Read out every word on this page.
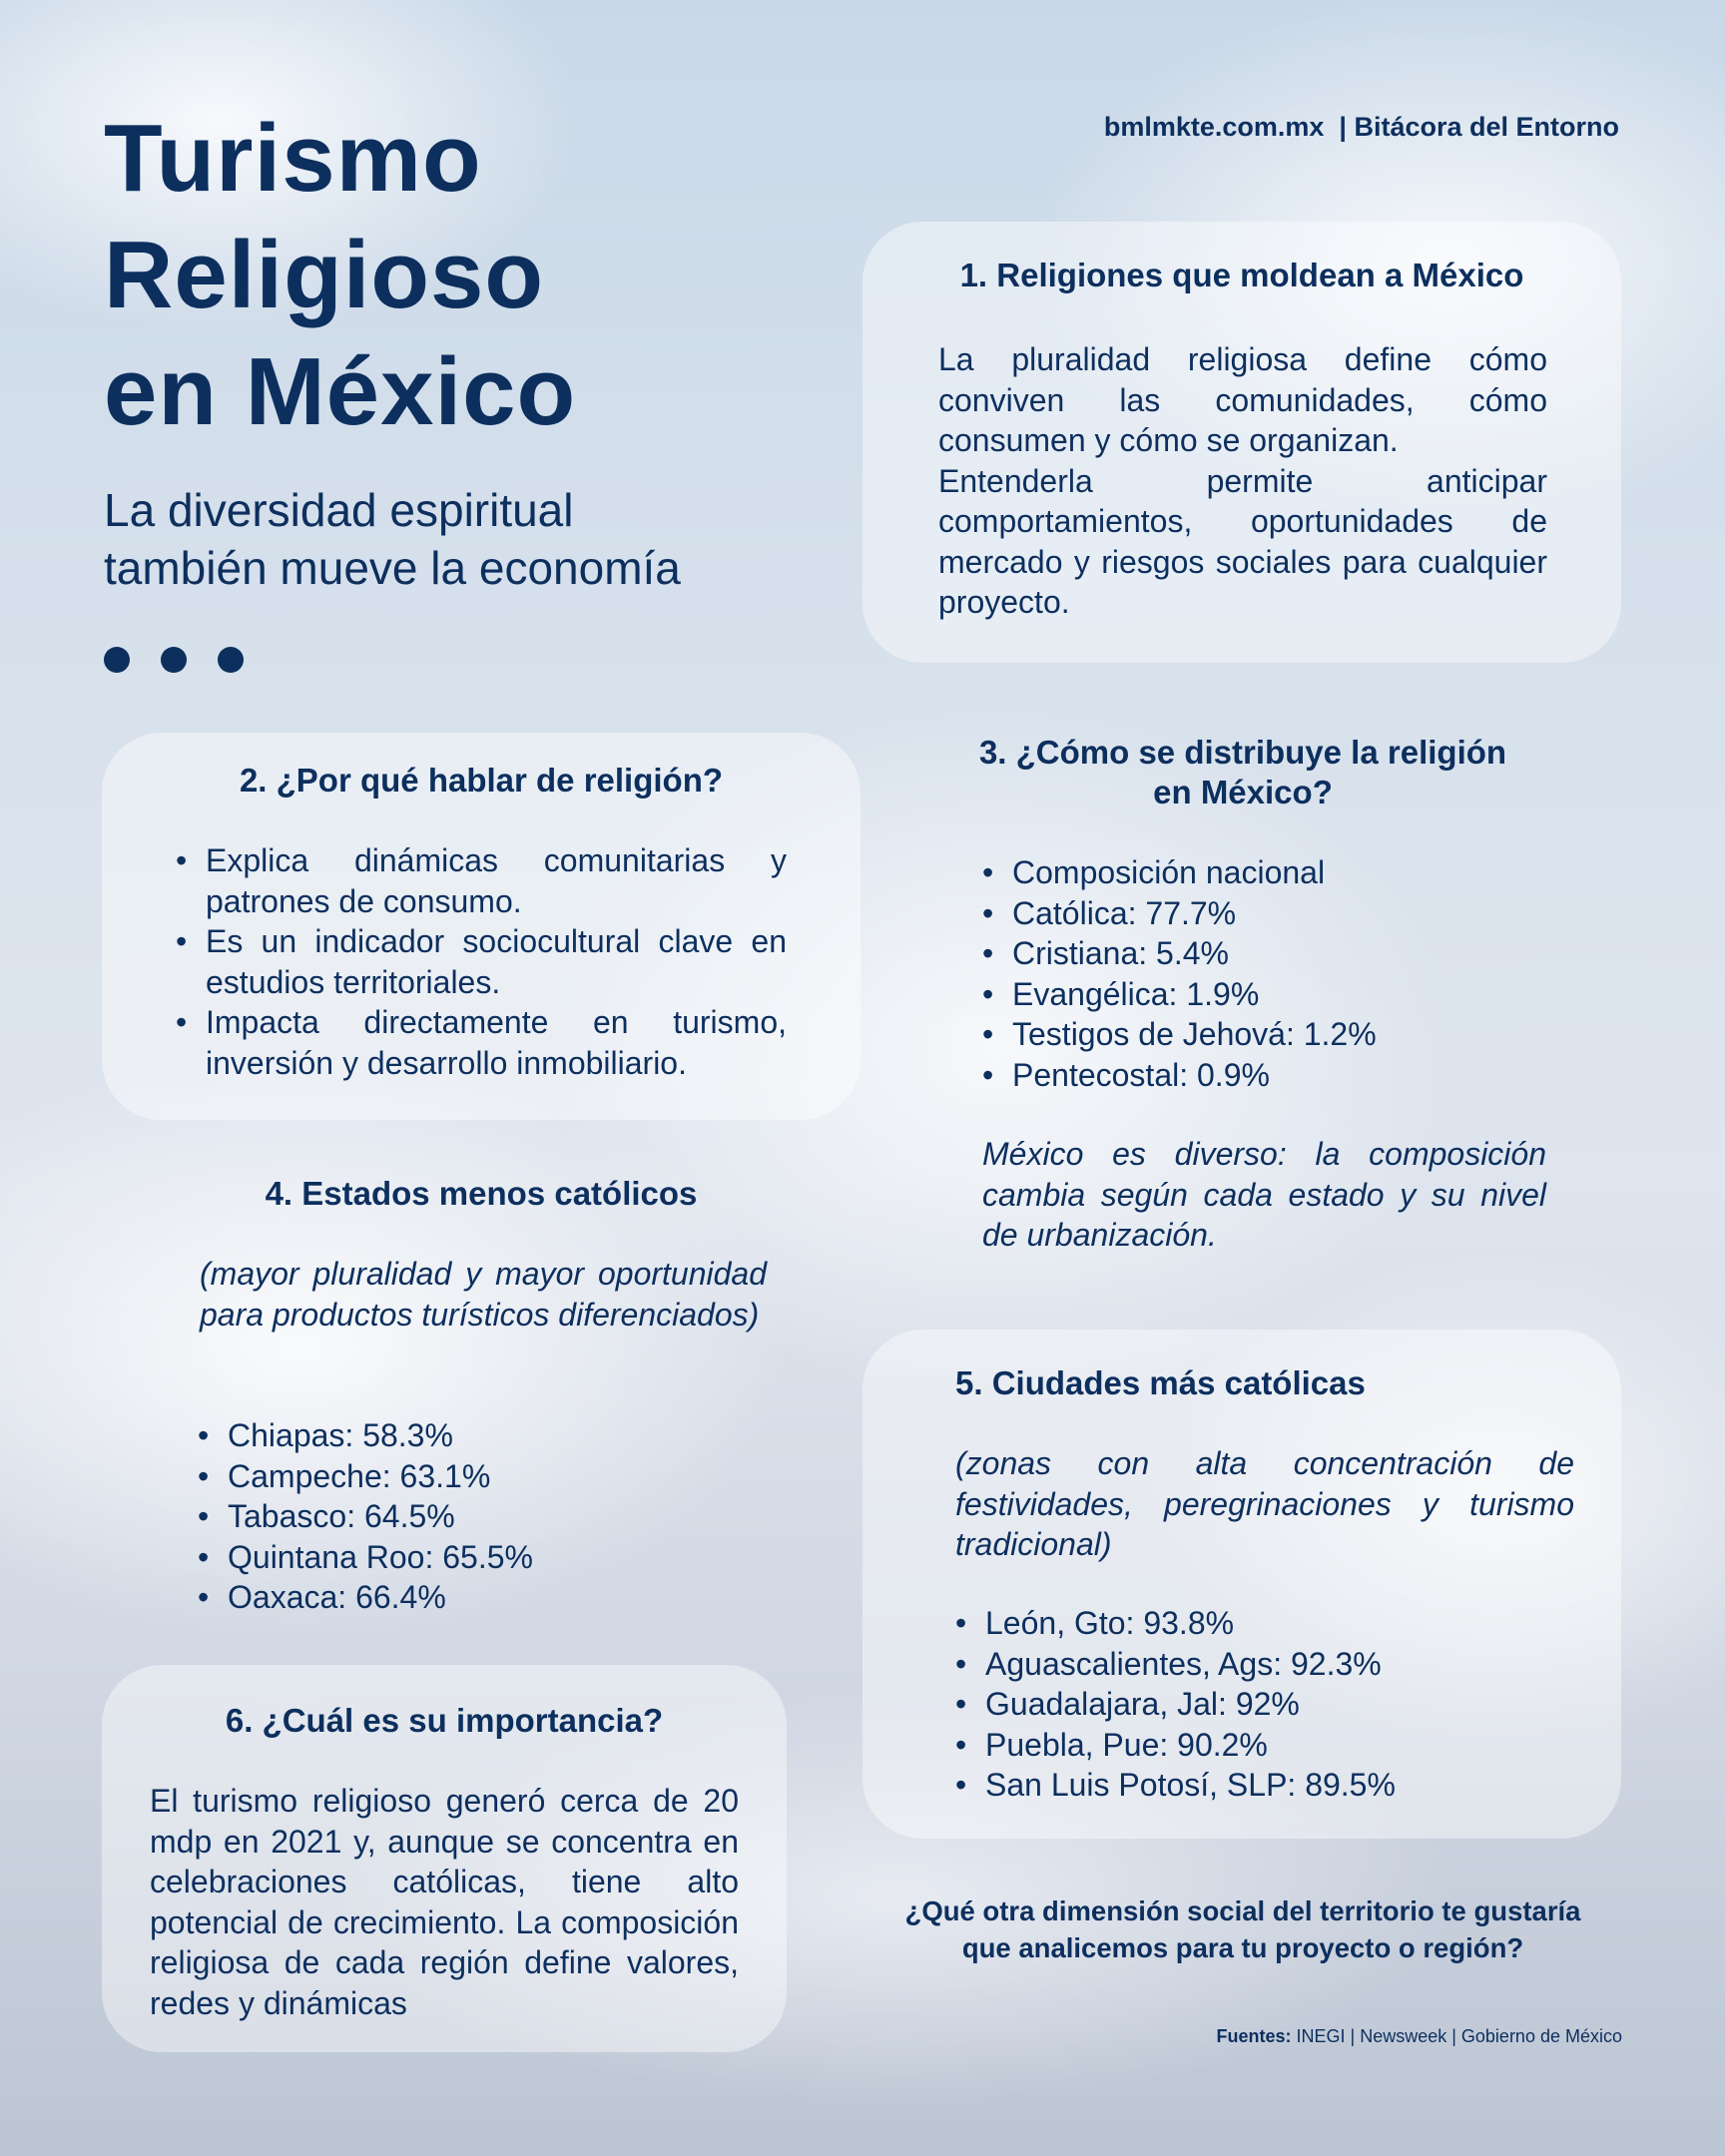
Turismo
Religioso
en México

La diversidad espiritual
también mueve la economía

bmlmkte.com.mx  | Bitácora del Entorno
1. Religiones que moldean a México

La pluralidad religiosa define cómo conviven las comunidades, cómo consumen y cómo se organizan.

Entenderla permite anticipar comportamientos, oportunidades de mercado y riesgos sociales para cualquier proyecto.

2. ¿Por qué hablar de religión?
• Explica dinámicas comunitarias y patrones de consumo.
• Es un indicador sociocultural clave en estudios territoriales.
• Impacta directamente en turismo, inversión y desarrollo inmobiliario.
3. ¿Cómo se distribuye la religión
en México?
• Composición nacional
• Católica: 77.7%
• Cristiana: 5.4%
• Evangélica: 1.9%
• Testigos de Jehová: 1.2%
• Pentecostal: 0.9%

México es diverso: la composición cambia según cada estado y su nivel de urbanización.

4. Estados menos católicos

(mayor pluralidad y mayor oportunidad para productos turísticos diferenciados)

• Chiapas: 58.3%
• Campeche: 63.1%
• Tabasco: 64.5%
• Quintana Roo: 65.5%
• Oaxaca: 66.4%
5. Ciudades más católicas

(zonas con alta concentración de festividades, peregrinaciones y turismo tradicional)

• León, Gto: 93.8%
• Aguascalientes, Ags: 92.3%
• Guadalajara, Jal: 92%
• Puebla, Pue: 90.2%
• San Luis Potosí, SLP: 89.5%
6. ¿Cuál es su importancia?

El turismo religioso generó cerca de 20 mdp en 2021 y, aunque se concentra en celebraciones católicas, tiene alto potencial de crecimiento. La composición religiosa de cada región define valores, redes y dinámicas

¿Qué otra dimensión social del territorio te gustaría
que analicemos para tu proyecto o región?

Fuentes: INEGI | Newsweek | Gobierno de México
